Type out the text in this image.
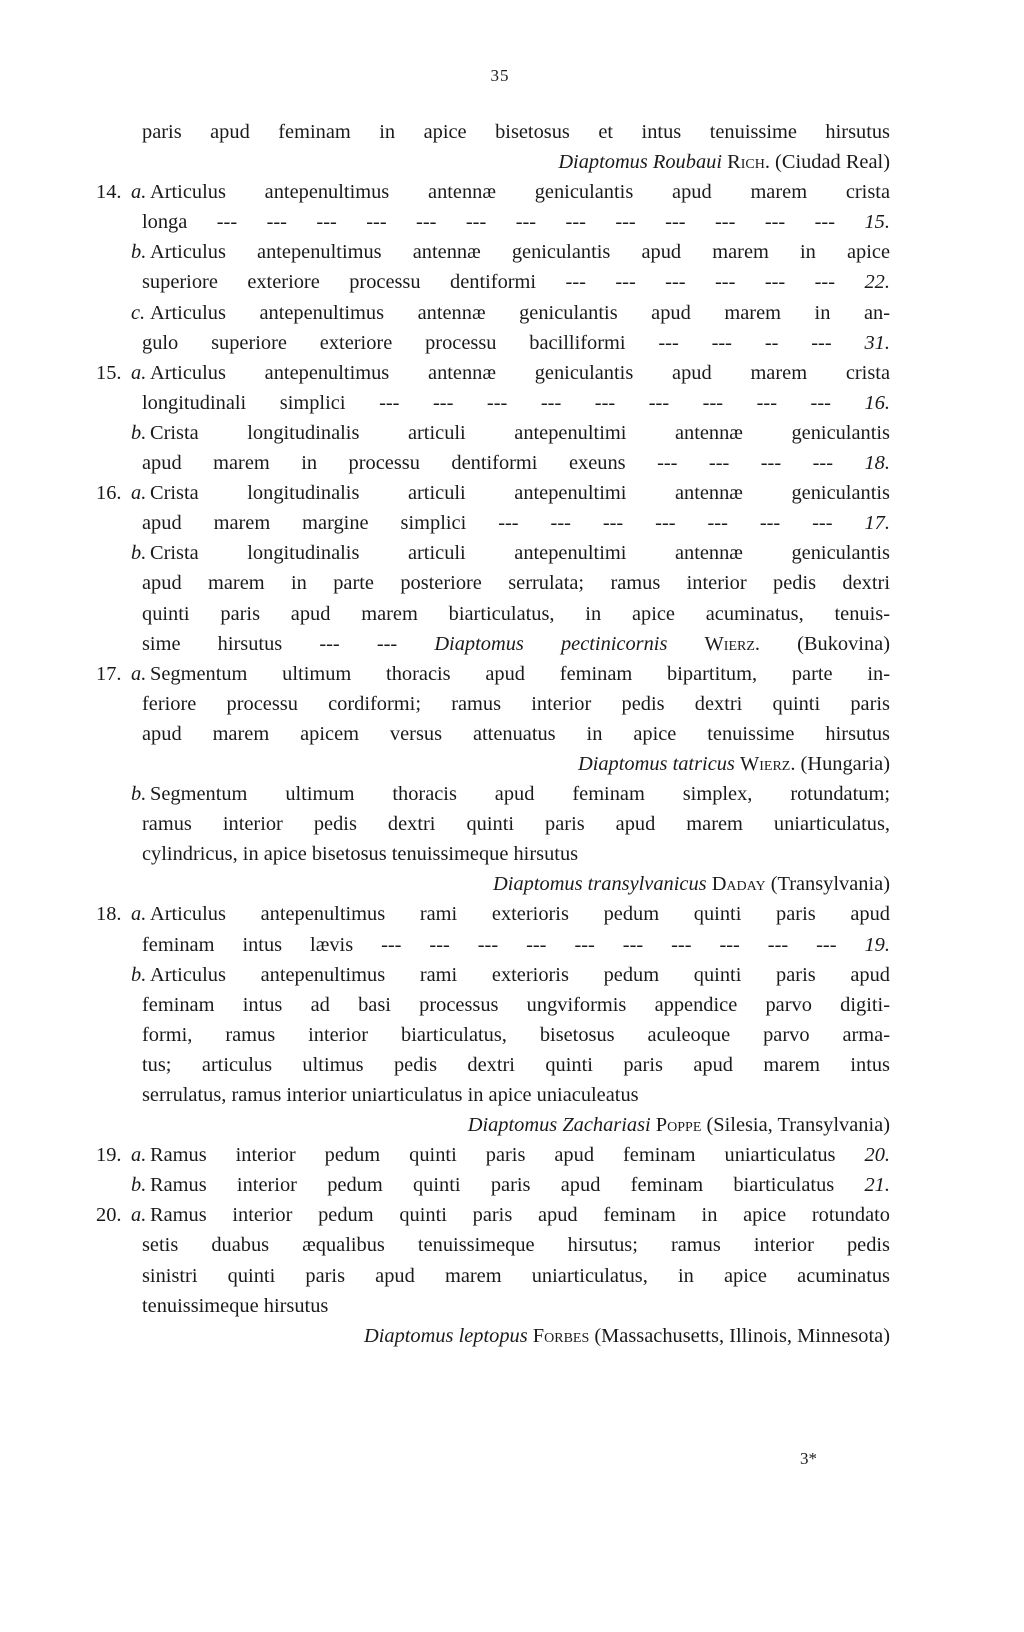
35
paris apud feminam in apice bisetosus et intus tenuissime hirsutus
Diaptomus Roubaui Rich. (Ciudad Real)
14. a. Articulus antepenultimus antennæ geniculantis apud marem crista
longa --- --- --- --- --- --- --- --- --- --- --- --- --- 15.
b. Articulus antepenultimus antennæ geniculantis apud marem in apice
superiore exteriore processu dentiformi --- --- --- --- --- --- 22.
c. Articulus antepenultimus antennæ geniculantis apud marem in an-
gulo superiore exteriore processu bacilliformi --- --- -- --- 31.
15. a. Articulus antepenultimus antennæ geniculantis apud marem crista
longitudinali simplici --- --- --- --- --- --- --- --- --- 16.
b. Crista longitudinalis articuli antepenultimi antennæ geniculantis
apud marem in processu dentiformi exeuns --- --- --- --- 18.
16. a. Crista longitudinalis articuli antepenultimi antennæ geniculantis
apud marem margine simplici --- --- --- --- --- --- --- 17.
b. Crista longitudinalis articuli antepenultimi antennæ geniculantis
apud marem in parte posteriore serrulata; ramus interior pedis dextri
quinti paris apud marem biarticulatus, in apice acuminatus, tenuis-
sime hirsutus --- --- Diaptomus pectinicornis Wierz. (Bukovina)
17. a. Segmentum ultimum thoracis apud feminam bipartitum, parte in-
feriore processu cordiformi; ramus interior pedis dextri quinti paris
apud marem apicem versus attenuatus in apice tenuissime hirsutus
Diaptomus tatricus Wierz. (Hungaria)
b. Segmentum ultimum thoracis apud feminam simplex, rotundatum;
ramus interior pedis dextri quinti paris apud marem uniarticulatus,
cylindricus, in apice bisetosus tenuissimeque hirsutus
Diaptomus transylvanicus Daday (Transylvania)
18. a. Articulus antepenultimus rami exterioris pedum quinti paris apud
feminam intus lævis --- --- --- --- --- --- --- --- --- --- 19.
b. Articulus antepenultimus rami exterioris pedum quinti paris apud
feminam intus ad basi processus ungviformis appendice parvo digiti-
formi, ramus interior biarticulatus, bisetosus aculeoque parvo arma-
tus; articulus ultimus pedis dextri quinti paris apud marem intus
serrulatus, ramus interior uniarticulatus in apice uniaculeatus
Diaptomus Zachariasi Poppe (Silesia, Transylvania)
19. a. Ramus interior pedum quinti paris apud feminam uniarticulatus 20.
b. Ramus interior pedum quinti paris apud feminam biarticulatus 21.
20. a. Ramus interior pedum quinti paris apud feminam in apice rotundato
setis duabus æqualibus tenuissimeque hirsutus; ramus interior pedis
sinistri quinti paris apud marem uniarticulatus, in apice acuminatus
tenuissimeque hirsutus
Diaptomus leptopus Forbes (Massachusetts, Illinois, Minnesota)
3*
